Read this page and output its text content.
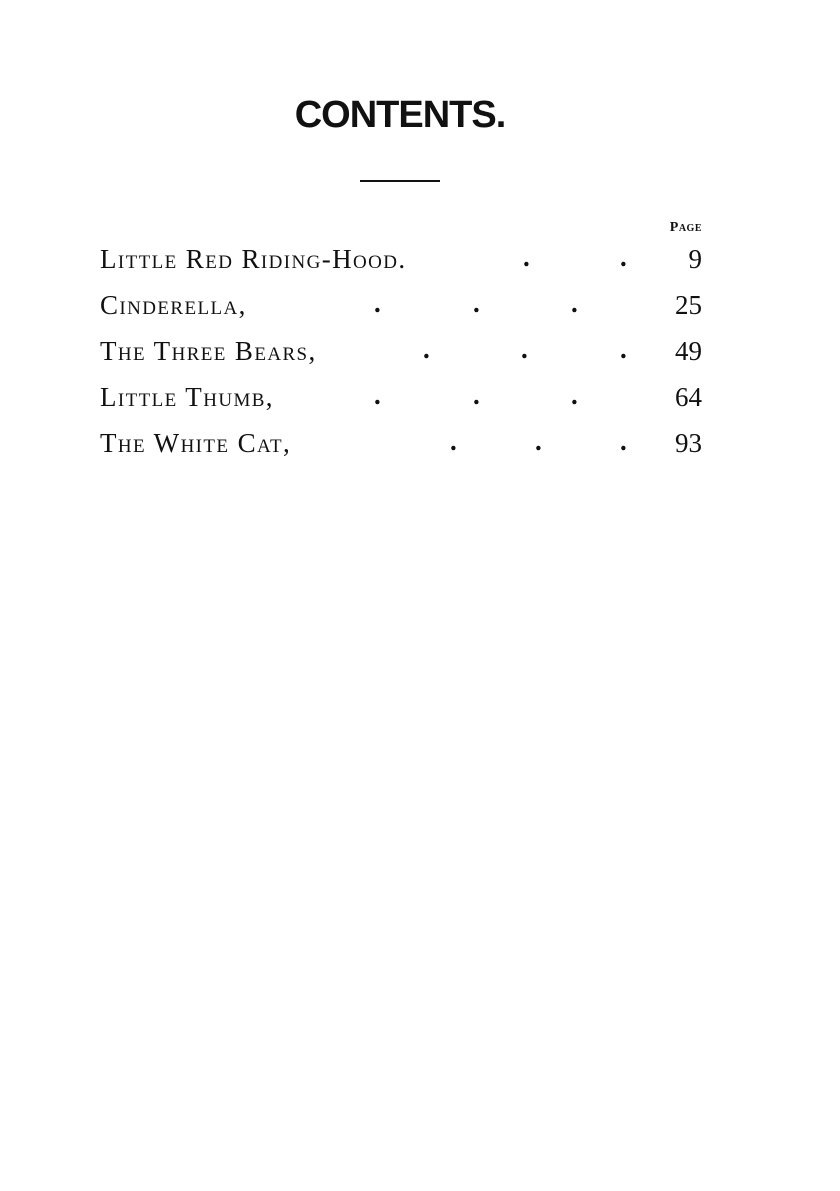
CONTENTS.
Page
Little Red Riding-Hood.	.	. 9
Cinderella,	.	.	.	25
The Three Bears,	.	.	. 49
Little Thumb,	.	.	.	64
The White Cat,	.	.	. 93
